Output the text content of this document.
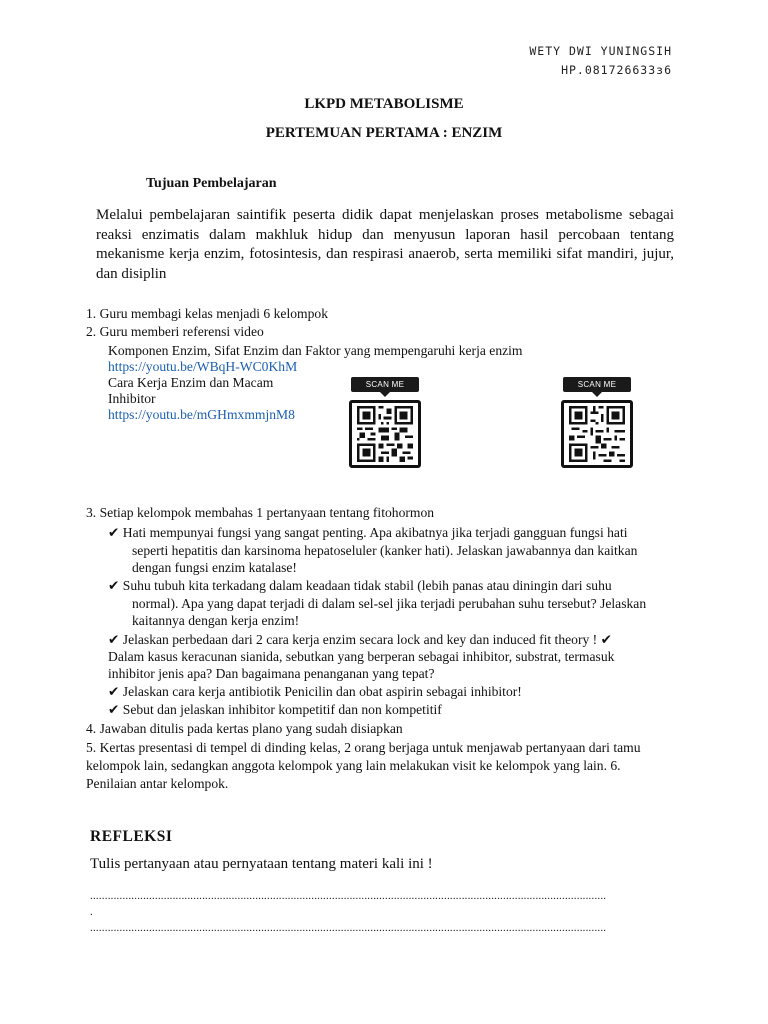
WETY DWI YUNINGSIH
HP.081726633ɜ6
LKPD METABOLISME
PERTEMUAN PERTAMA : ENZIM
Tujuan Pembelajaran
Melalui pembelajaran saintifik peserta didik dapat menjelaskan proses metabolisme sebagai reaksi enzimatis dalam makhluk hidup dan menyusun laporan hasil percobaan tentang mekanisme kerja enzim, fotosintesis, dan respirasi anaerob, serta memiliki sifat mandiri, jujur, dan disiplin
1. Guru membagi kelas menjadi 6 kelompok
2. Guru memberi referensi video
Komponen Enzim, Sifat Enzim dan Faktor yang mempengaruhi kerja enzim
https://youtu.be/WBqH-WC0KhM
Cara Kerja Enzim dan Macam
Inhibitor
https://youtu.be/mGHmxmmjnM8
SCAN ME	SCAN ME
3. Setiap kelompok membahas 1 pertanyaan tentang fitohormon
✔ Hati mempunyai fungsi yang sangat penting. Apa akibatnya jika terjadi gangguan fungsi hati
seperti hepatitis dan karsinoma hepatoseluler (kanker hati). Jelaskan jawabannya dan kaitkan
dengan fungsi enzim katalase!
✔ Suhu tubuh kita terkadang dalam keadaan tidak stabil (lebih panas atau diningin dari suhu
normal). Apa yang dapat terjadi di dalam sel-sel jika terjadi perubahan suhu tersebut? Jelaskan
kaitannya dengan kerja enzim!
✔ Jelaskan perbedaan dari 2 cara kerja enzim secara lock and key dan induced fit theory ! ✔
Dalam kasus keracunan sianida, sebutkan yang berperan sebagai inhibitor, substrat, termasuk
inhibitor jenis apa? Dan bagaimana penanganan yang tepat?
✔ Jelaskan cara kerja antibiotik Penicilin dan obat aspirin sebagai inhibitor!
✔ Sebut dan jelaskan inhibitor kompetitif dan non kompetitif
4. Jawaban ditulis pada kertas plano yang sudah disiapkan
5. Kertas presentasi di tempel di dinding kelas, 2 orang berjaga untuk menjawab pertanyaan dari tamu
kelompok lain, sedangkan anggota kelompok yang lain melakukan visit ke kelompok yang lain. 6.
Penilaian antar kelompok.
REFLEKSI
Tulis pertanyaan atau pernyataan tentang materi kali ini !
...............................................................................................................................................................................
.
...............................................................................................................................................................................
